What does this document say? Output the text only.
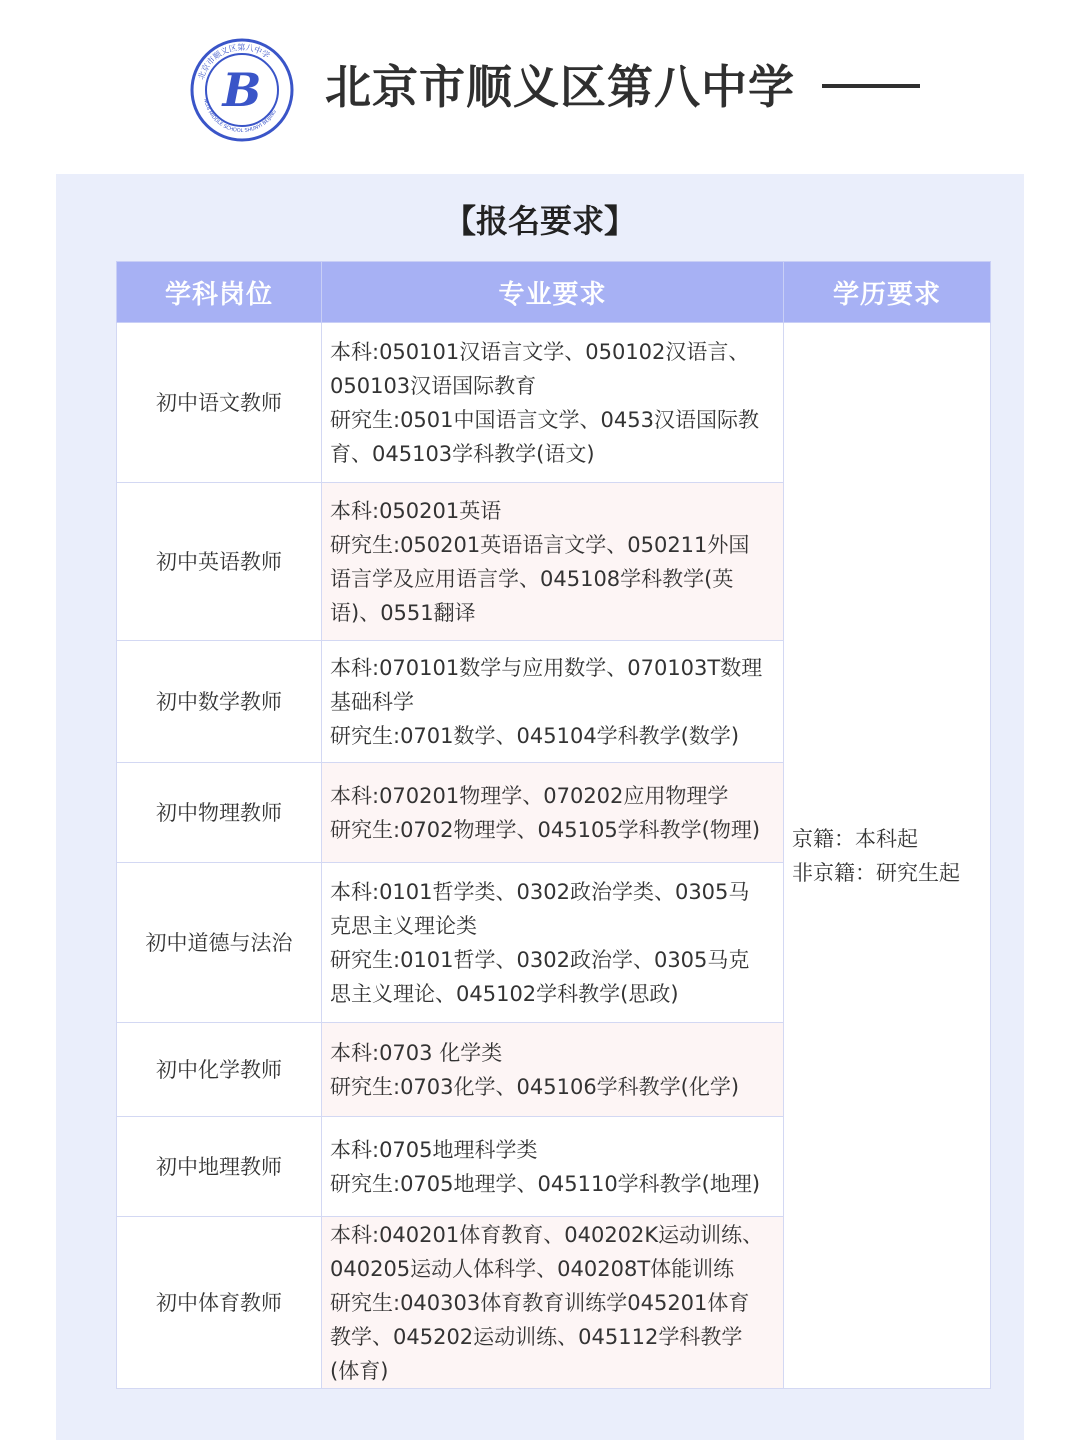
北京市顺义区第八中学
NO.8 MIDDLE SCHOOL SHUNYI BEIJING
B 北京市顺义区第八中学
【报名要求】
学科岗位	专业要求	学历要求
初中语文教师	本科:050101汉语言文学、050102汉语言、
050103汉语国际教育
研究生:0501中国语言文学、0453汉语国际教
育、045103学科教学(语文)	京籍：本科起
非京籍：研究生起

初中英语教师	本科:050201英语
研究生:050201英语语言文学、050211外国
语言学及应用语言学、045108学科教学(英
语)、0551翻译	

初中数学教师	本科:070101数学与应用数学、070103T数理
基础科学
研究生:0701数学、045104学科教学(数学)	

初中物理教师	本科:070201物理学、070202应用物理学
研究生:0702物理学、045105学科教学(物理)	

初中道德与法治	本科:0101哲学类、0302政治学类、0305马
克思主义理论类
研究生:0101哲学、0302政治学、0305马克
思主义理论、045102学科教学(思政)	

初中化学教师	本科:0703 化学类
研究生:0703化学、045106学科教学(化学)	

初中地理教师	本科:0705地理科学类
研究生:0705地理学、045110学科教学(地理)	

初中体育教师	本科:040201体育教育、040202K运动训练、
040205运动人体科学、040208T体能训练
研究生:040303体育教育训练学045201体育
教学、045202运动训练、045112学科教学
(体育)	
